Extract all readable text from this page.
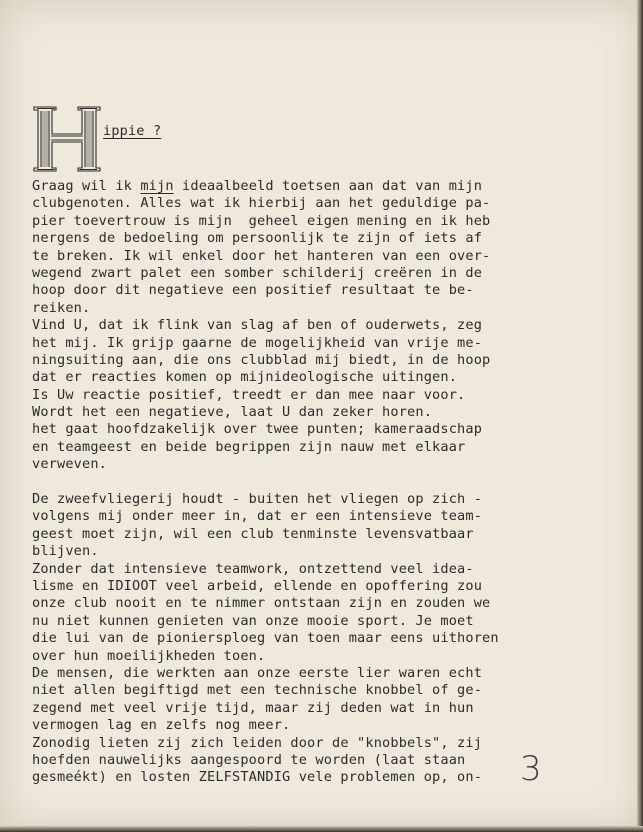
ippie ?
Graag wil ik mijn ideaalbeeld toetsen aan dat van mijn
clubgenoten. Alles wat ik hierbij aan het geduldige pa-
pier toevertrouw is mijn  geheel eigen mening en ik heb
nergens de bedoeling om persoonlijk te zijn of iets af
te breken. Ik wil enkel door het hanteren van een over-
wegend zwart palet een somber schilderij creëren in de
hoop door dit negatieve een positief resultaat te be-
reiken.
Vind U, dat ik flink van slag af ben of ouderwets, zeg
het mij. Ik grijp gaarne de mogelijkheid van vrije me-
ningsuiting aan, die ons clubblad mij biedt, in de hoop
dat er reacties komen op mijnideologische uitingen.
Is Uw reactie positief, treedt er dan mee naar voor.
Wordt het een negatieve, laat U dan zeker horen.
het gaat hoofdzakelijk over twee punten; kameraadschap
en teamgeest en beide begrippen zijn nauw met elkaar
verweven.
De zweefvliegerij houdt - buiten het vliegen op zich -
volgens mij onder meer in, dat er een intensieve team-
geest moet zijn, wil een club tenminste levensvatbaar
blijven.
Zonder dat intensieve teamwork, ontzettend veel idea-
lisme en IDIOOT veel arbeid, ellende en opoffering zou
onze club nooit en te nimmer ontstaan zijn en zouden we
nu niet kunnen genieten van onze mooie sport. Je moet
die lui van de pioniersploeg van toen maar eens uithoren
over hun moeilijkheden toen.
De mensen, die werkten aan onze eerste lier waren echt
niet allen begiftigd met een technische knobbel of ge-
zegend met veel vrije tijd, maar zij deden wat in hun
vermogen lag en zelfs nog meer.
Zonodig lieten zij zich leiden door de "knobbels", zij
hoefden nauwelijks aangespoord te worden (laat staan
gesmeékt) en losten ZELFSTANDIG vele problemen op, on-	3
